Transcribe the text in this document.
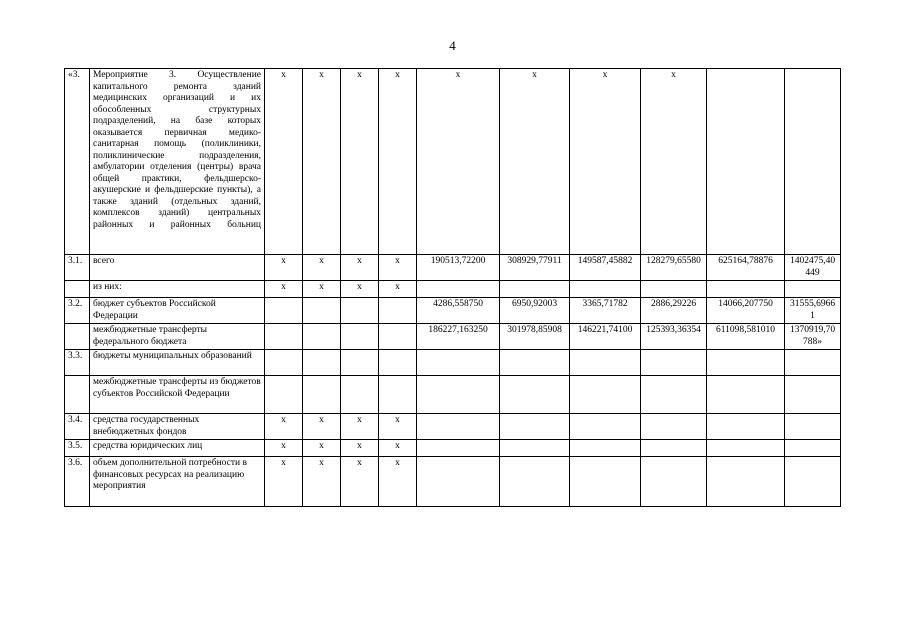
4
«3.	Мероприятие 3. Осуществление капитального ремонта зданий медицинских организаций и их обособленных структурных подразделений, на базе которых оказывается первичная медико-санитарная помощь (поликлиники, поликлинические подразделения, амбулатории отделения (центры) врача общей практики, фельдшерско-акушерские и фельдшерские пункты), а также зданий (отдельных зданий, комплексов зданий) центральных районных и районных больниц	х	х	х	х	х	х	х	х		
3.1.	всего	х	х	х	х	190513,72200	308929,77911	149587,45882	128279,65580	625164,78876	1402475,40449
	из них:	х	х	х	х						
3.2.	бюджет субъектов Российской Федерации					4286,558750	6950,92003	3365,71782	2886,29226	14066,207750	31555,69661
	межбюджетные трансферты федерального бюджета					186227,163250	301978,85908	146221,74100	125393,36354	611098,581010	1370919,70788»
3.3.	бюджеты муниципальных образований										
	межбюджетные трансферты из бюджетов субъектов Российской Федерации										
3.4.	средства государственных внебюджетных фондов	х	х	х	х						
3.5.	средства юридических лиц	х	х	х	х						
3.6.	объем дополнительной потребности в финансовых ресурсах на реализацию мероприятия	х	х	х	х						
